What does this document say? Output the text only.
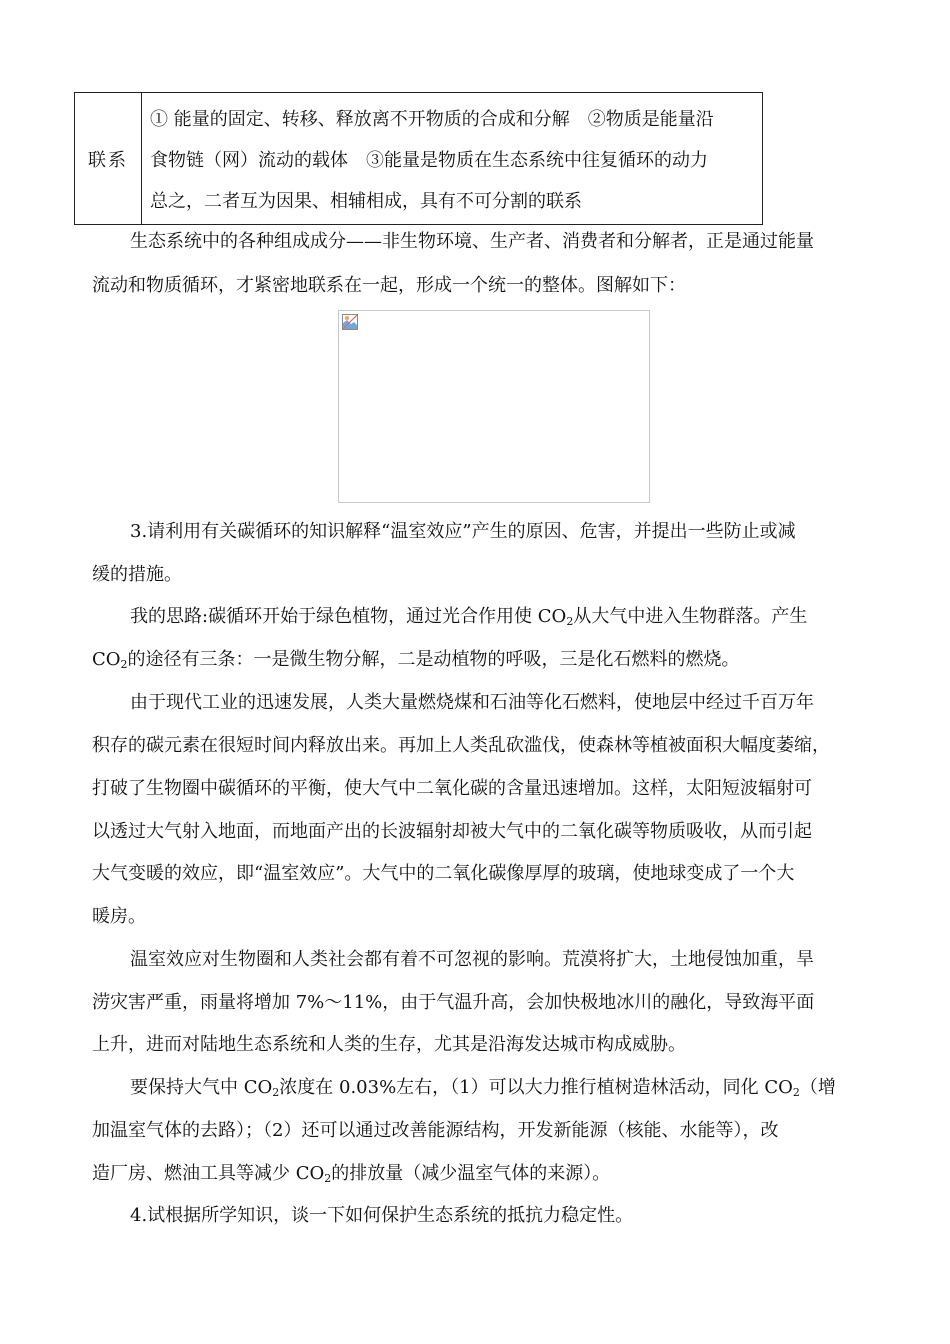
联系
① 能量的固定、转移、释放离不开物质的合成和分解　②物质是能量沿
食物链（网）流动的载体　③能量是物质在生态系统中往复循环的动力
总之，二者互为因果、相辅相成，具有不可分割的联系
生态系统中的各种组成成分——非生物环境、生产者、消费者和分解者，正是通过能量
流动和物质循环，才紧密地联系在一起，形成一个统一的整体。图解如下：
3.请利用有关碳循环的知识解释“温室效应”产生的原因、危害，并提出一些防止或减
缓的措施。
我的思路:碳循环开始于绿色植物，通过光合作用使 $CO_2$从大气中进入生物群落。产生
$CO_2$的途径有三条：一是微生物分解，二是动植物的呼吸，三是化石燃料的燃烧。
由于现代工业的迅速发展，人类大量燃烧煤和石油等化石燃料，使地层中经过千百万年
积存的碳元素在很短时间内释放出来。再加上人类乱砍滥伐，使森林等植被面积大幅度萎缩，
打破了生物圈中碳循环的平衡，使大气中二氧化碳的含量迅速增加。这样，太阳短波辐射可
以透过大气射入地面，而地面产出的长波辐射却被大气中的二氧化碳等物质吸收，从而引起
大气变暖的效应，即“温室效应”。大气中的二氧化碳像厚厚的玻璃，使地球变成了一个大
暖房。
温室效应对生物圈和人类社会都有着不可忽视的影响。荒漠将扩大，土地侵蚀加重，旱
涝灾害严重，雨量将增加 7%～11%，由于气温升高，会加快极地冰川的融化，导致海平面
上升，进而对陆地生态系统和人类的生存，尤其是沿海发达城市构成威胁。
要保持大气中 $CO_2$浓度在 0.03%左右，（1）可以大力推行植树造林活动，同化 $CO_2$（增
加温室气体的去路）；（2）还可以通过改善能源结构，开发新能源（核能、水能等），改
造厂房、燃油工具等减少 $CO_2$的排放量（减少温室气体的来源）。
4.试根据所学知识，谈一下如何保护生态系统的抵抗力稳定性。
